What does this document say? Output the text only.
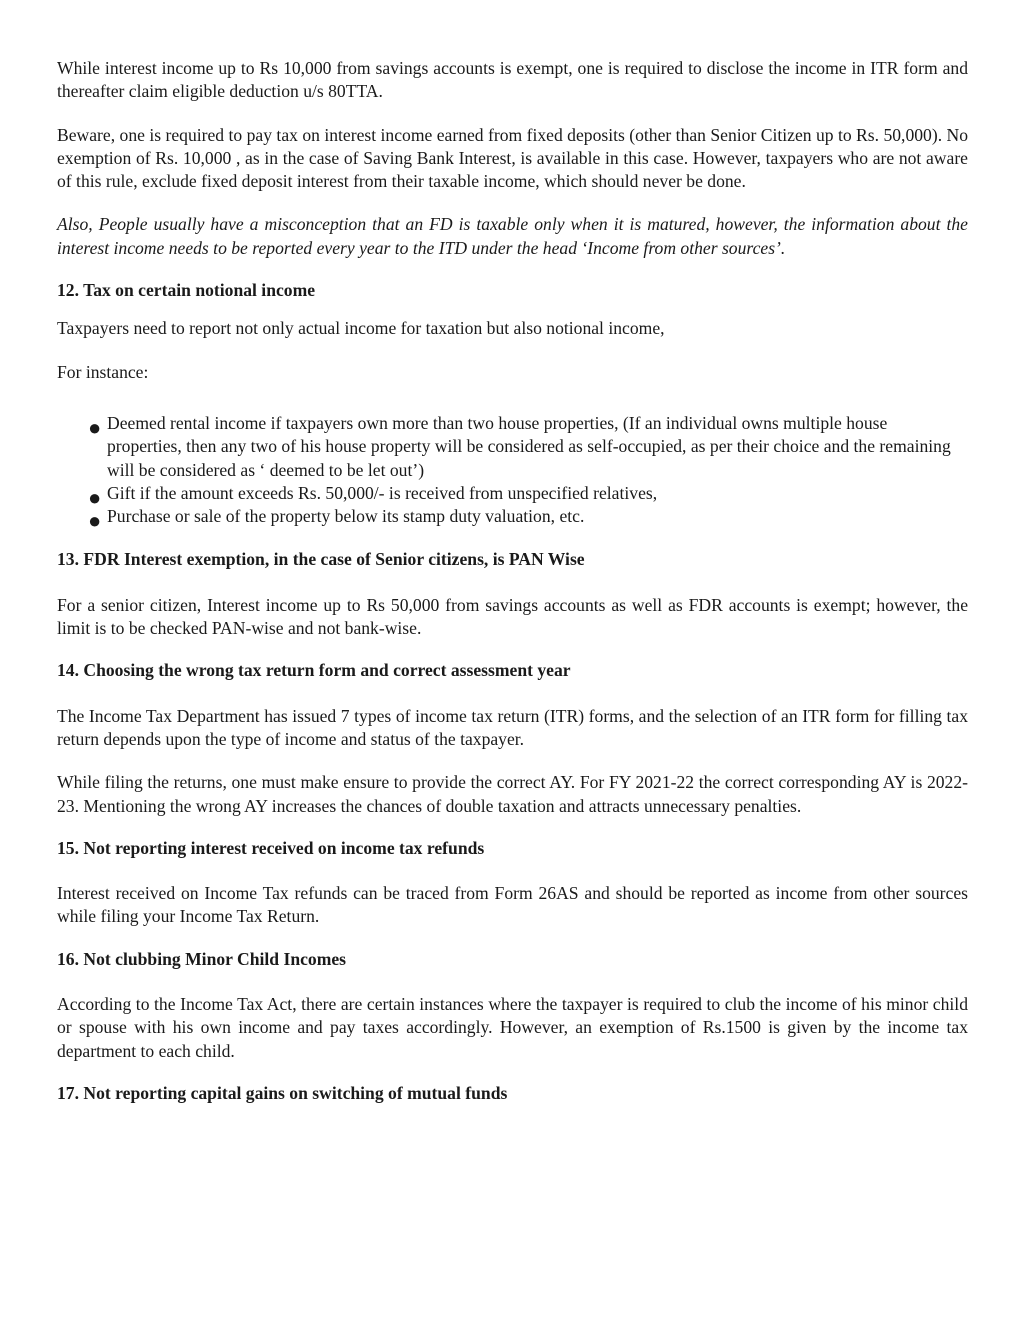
While interest income up to Rs 10,000 from savings accounts is exempt, one is required to disclose the income in ITR form and thereafter claim eligible deduction u/s 80TTA.

Beware, one is required to pay tax on interest income earned from fixed deposits (other than Senior Citizen up to Rs. 50,000). No exemption of Rs. 10,000 , as in the case of Saving Bank Interest, is available in this case. However, taxpayers who are not aware of this rule, exclude fixed deposit interest from their taxable income, which should never be done.

Also, People usually have a misconception that an FD is taxable only when it is matured, however, the information about the interest income needs to be reported every year to the ITD under the head ‘Income from other sources’.

12. Tax on certain notional income

Taxpayers need to report not only actual income for taxation but also notional income,

For instance:

● Deemed rental income if taxpayers own more than two house properties, (If an individual owns multiple house properties, then any two of his house property will be considered as self-occupied, as per their choice and the remaining will be considered as ‘ deemed to be let out’)
● Gift if the amount exceeds Rs. 50,000/- is received from unspecified relatives,
● Purchase or sale of the property below its stamp duty valuation, etc.
13. FDR Interest exemption, in the case of Senior citizens, is PAN Wise

For a senior citizen, Interest income up to Rs 50,000 from savings accounts as well as FDR accounts is exempt; however, the limit is to be checked PAN-wise and not bank-wise.

14. Choosing the wrong tax return form and correct assessment year

The Income Tax Department has issued 7 types of income tax return (ITR) forms, and the selection of an ITR form for filling tax return depends upon the type of income and status of the taxpayer.

While filing the returns, one must make ensure to provide the correct AY. For FY 2021-22 the correct corresponding AY is 2022-23. Mentioning the wrong AY increases the chances of double taxation and attracts unnecessary penalties.

15. Not reporting interest received on income tax refunds

Interest received on Income Tax refunds can be traced from Form 26AS and should be reported as income from other sources while filing your Income Tax Return.

16. Not clubbing Minor Child Incomes

According to the Income Tax Act, there are certain instances where the taxpayer is required to club the income of his minor child or spouse with his own income and pay taxes accordingly. However, an exemption of Rs.1500 is given by the income tax department to each child.

17. Not reporting capital gains on switching of mutual funds
